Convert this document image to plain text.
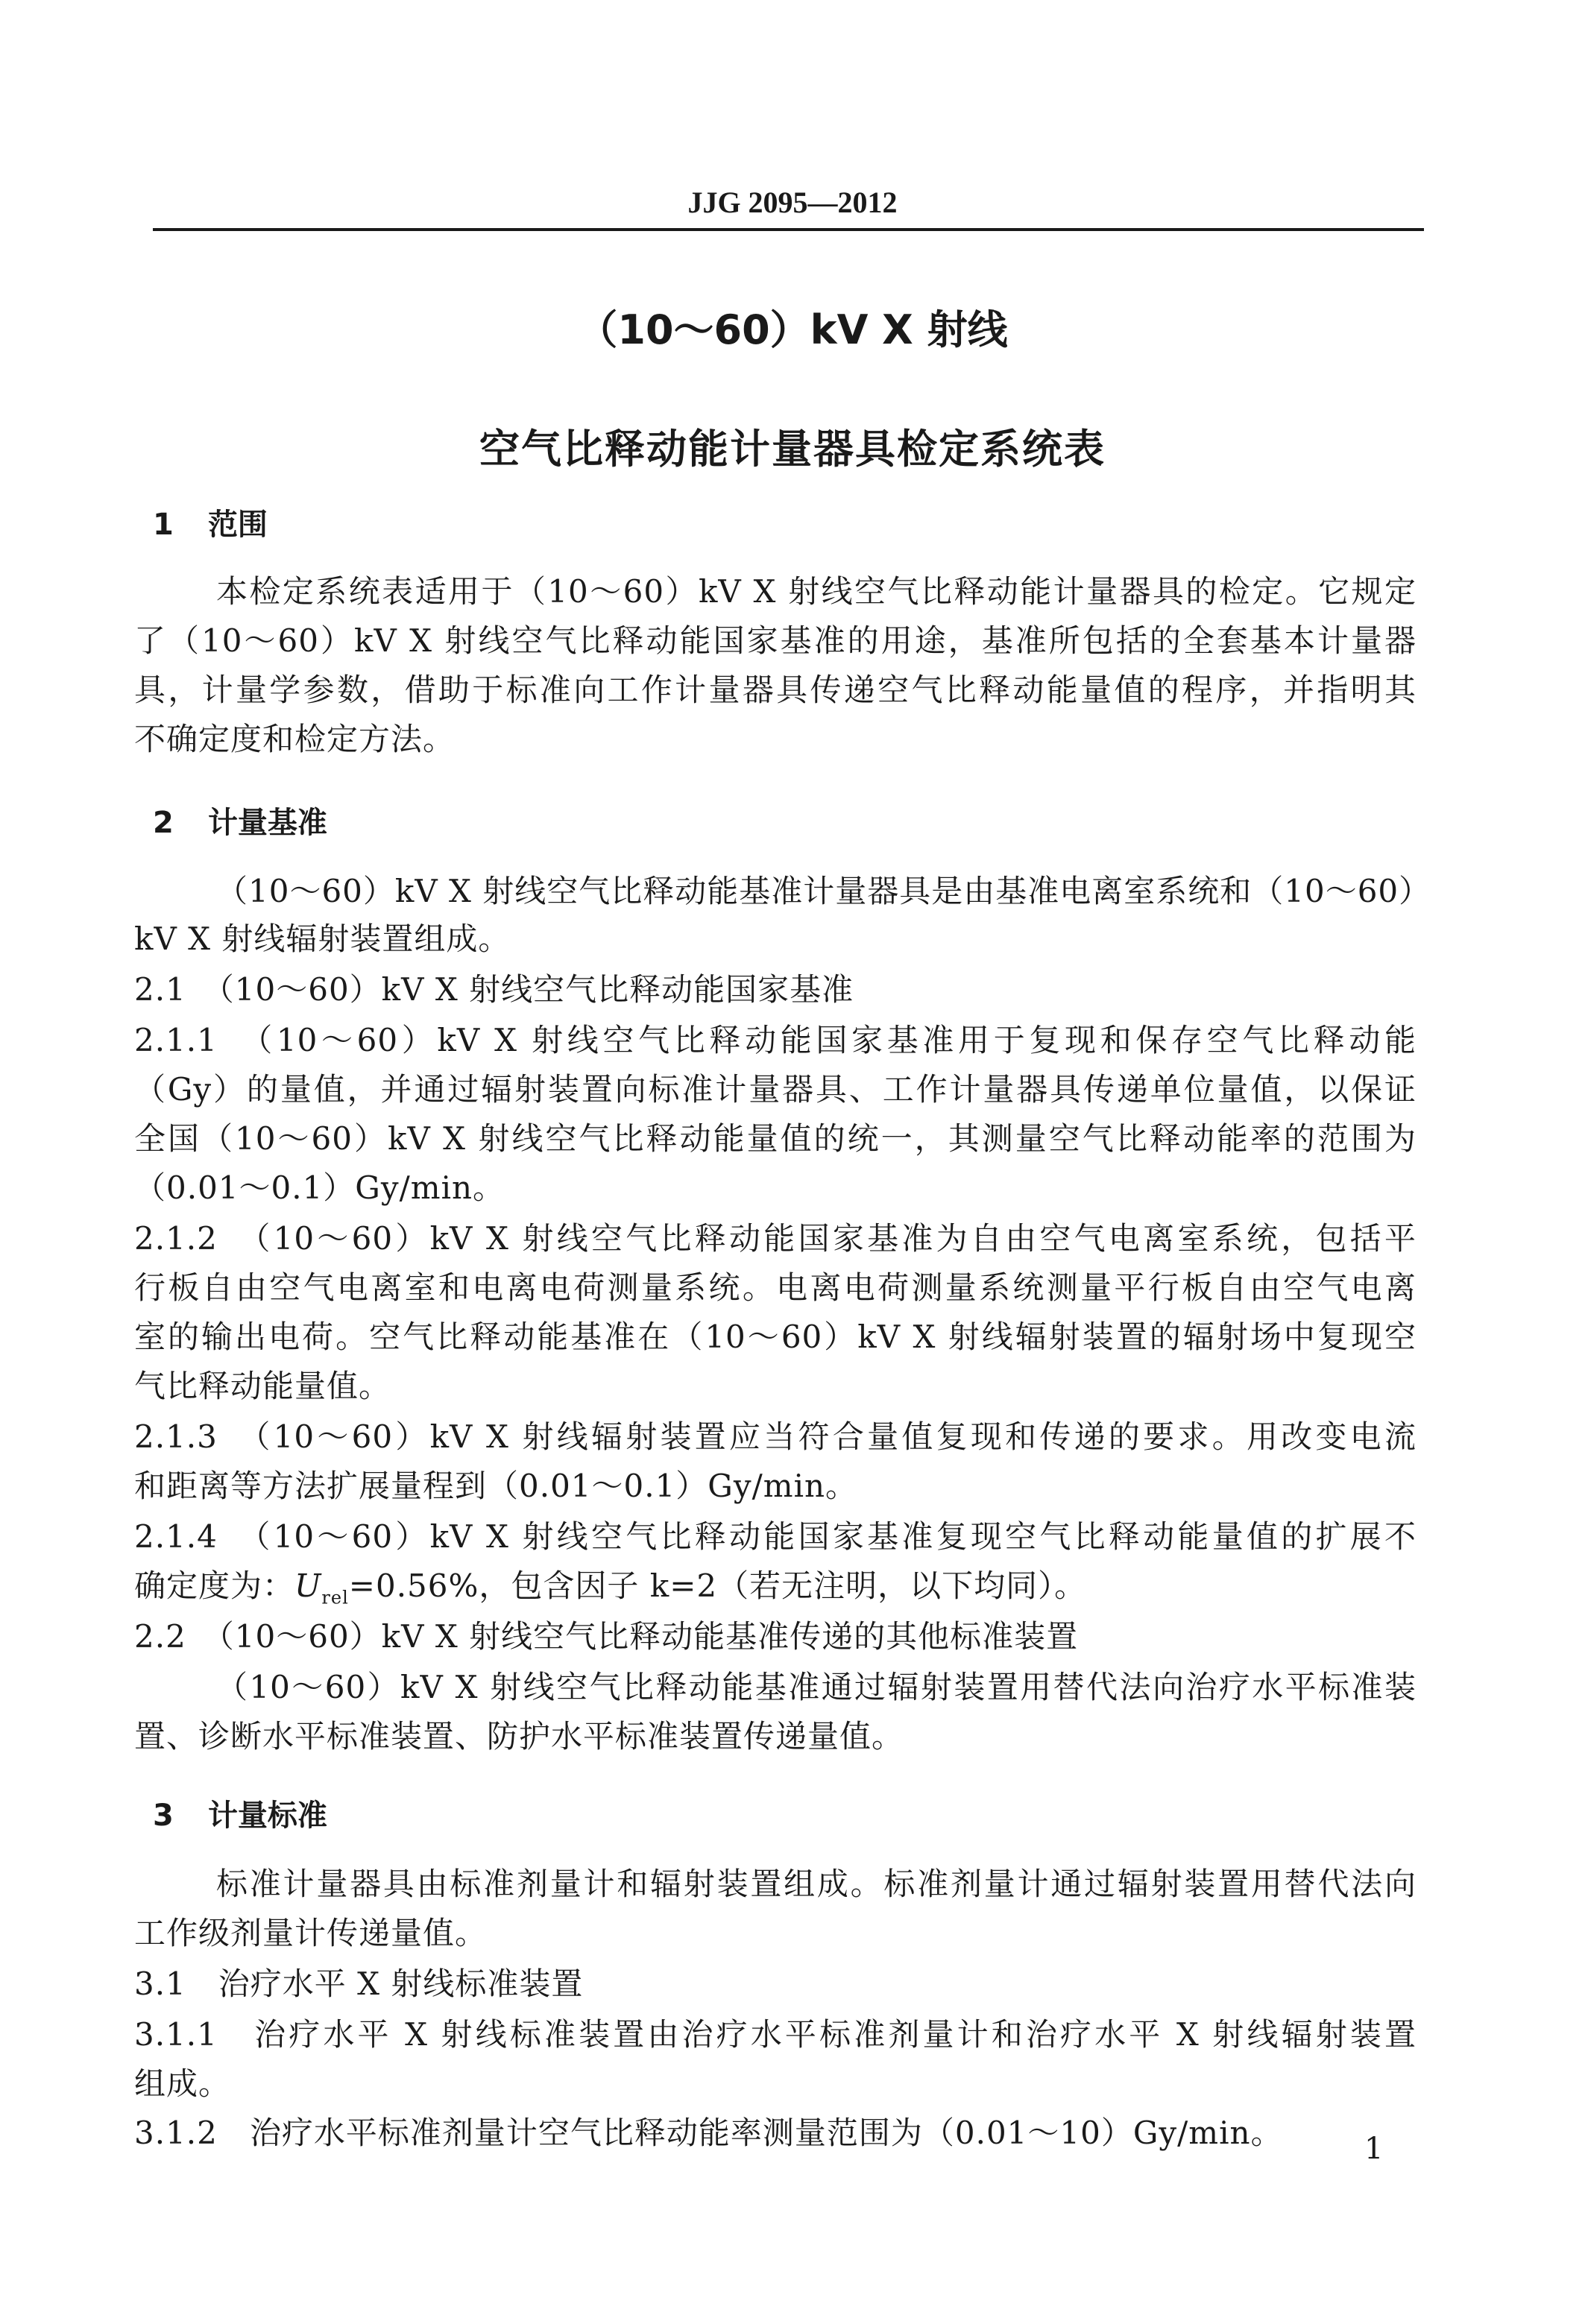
JJG 2095—2012
（10～60）kV X 射线
空气比释动能计量器具检定系统表
1 范围
本检定系统表适用于（10～60）kV X 射线空气比释动能计量器具的检定。它规定
了（10～60）kV X 射线空气比释动能国家基准的用途，基准所包括的全套基本计量器
具，计量学参数，借助于标准向工作计量器具传递空气比释动能量值的程序，并指明其
不确定度和检定方法。
2 计量基准
（10～60）kV X 射线空气比释动能基准计量器具是由基准电离室系统和（10～60）
kV X 射线辐射装置组成。
2.1　（10～60）kV X 射线空气比释动能国家基准
2.1.1　（10～60）kV X 射线空气比释动能国家基准用于复现和保存空气比释动能
（Gy）的量值，并通过辐射装置向标准计量器具、工作计量器具传递单位量值，以保证
全国（10～60）kV X 射线空气比释动能量值的统一，其测量空气比释动能率的范围为
（0.01～0.1）Gy/min。
2.1.2　（10～60）kV X 射线空气比释动能国家基准为自由空气电离室系统，包括平
行板自由空气电离室和电离电荷测量系统。电离电荷测量系统测量平行板自由空气电离
室的输出电荷。空气比释动能基准在（10～60）kV X 射线辐射装置的辐射场中复现空
气比释动能量值。
2.1.3　（10～60）kV X 射线辐射装置应当符合量值复现和传递的要求。用改变电流
和距离等方法扩展量程到（0.01～0.1）Gy/min。
2.1.4　（10～60）kV X 射线空气比释动能国家基准复现空气比释动能量值的扩展不
确定度为：$U_{rel}=0.56\%$，包含因子 k=2（若无注明，以下均同）。
2.2　（10～60）kV X 射线空气比释动能基准传递的其他标准装置
（10～60）kV X 射线空气比释动能基准通过辐射装置用替代法向治疗水平标准装
置、诊断水平标准装置、防护水平标准装置传递量值。
3 计量标准
标准计量器具由标准剂量计和辐射装置组成。标准剂量计通过辐射装置用替代法向
工作级剂量计传递量值。
3.1　治疗水平 X 射线标准装置
3.1.1　治疗水平 X 射线标准装置由治疗水平标准剂量计和治疗水平 X 射线辐射装置
组成。
3.1.2　治疗水平标准剂量计空气比释动能率测量范围为（0.01～10）Gy/min。	1
